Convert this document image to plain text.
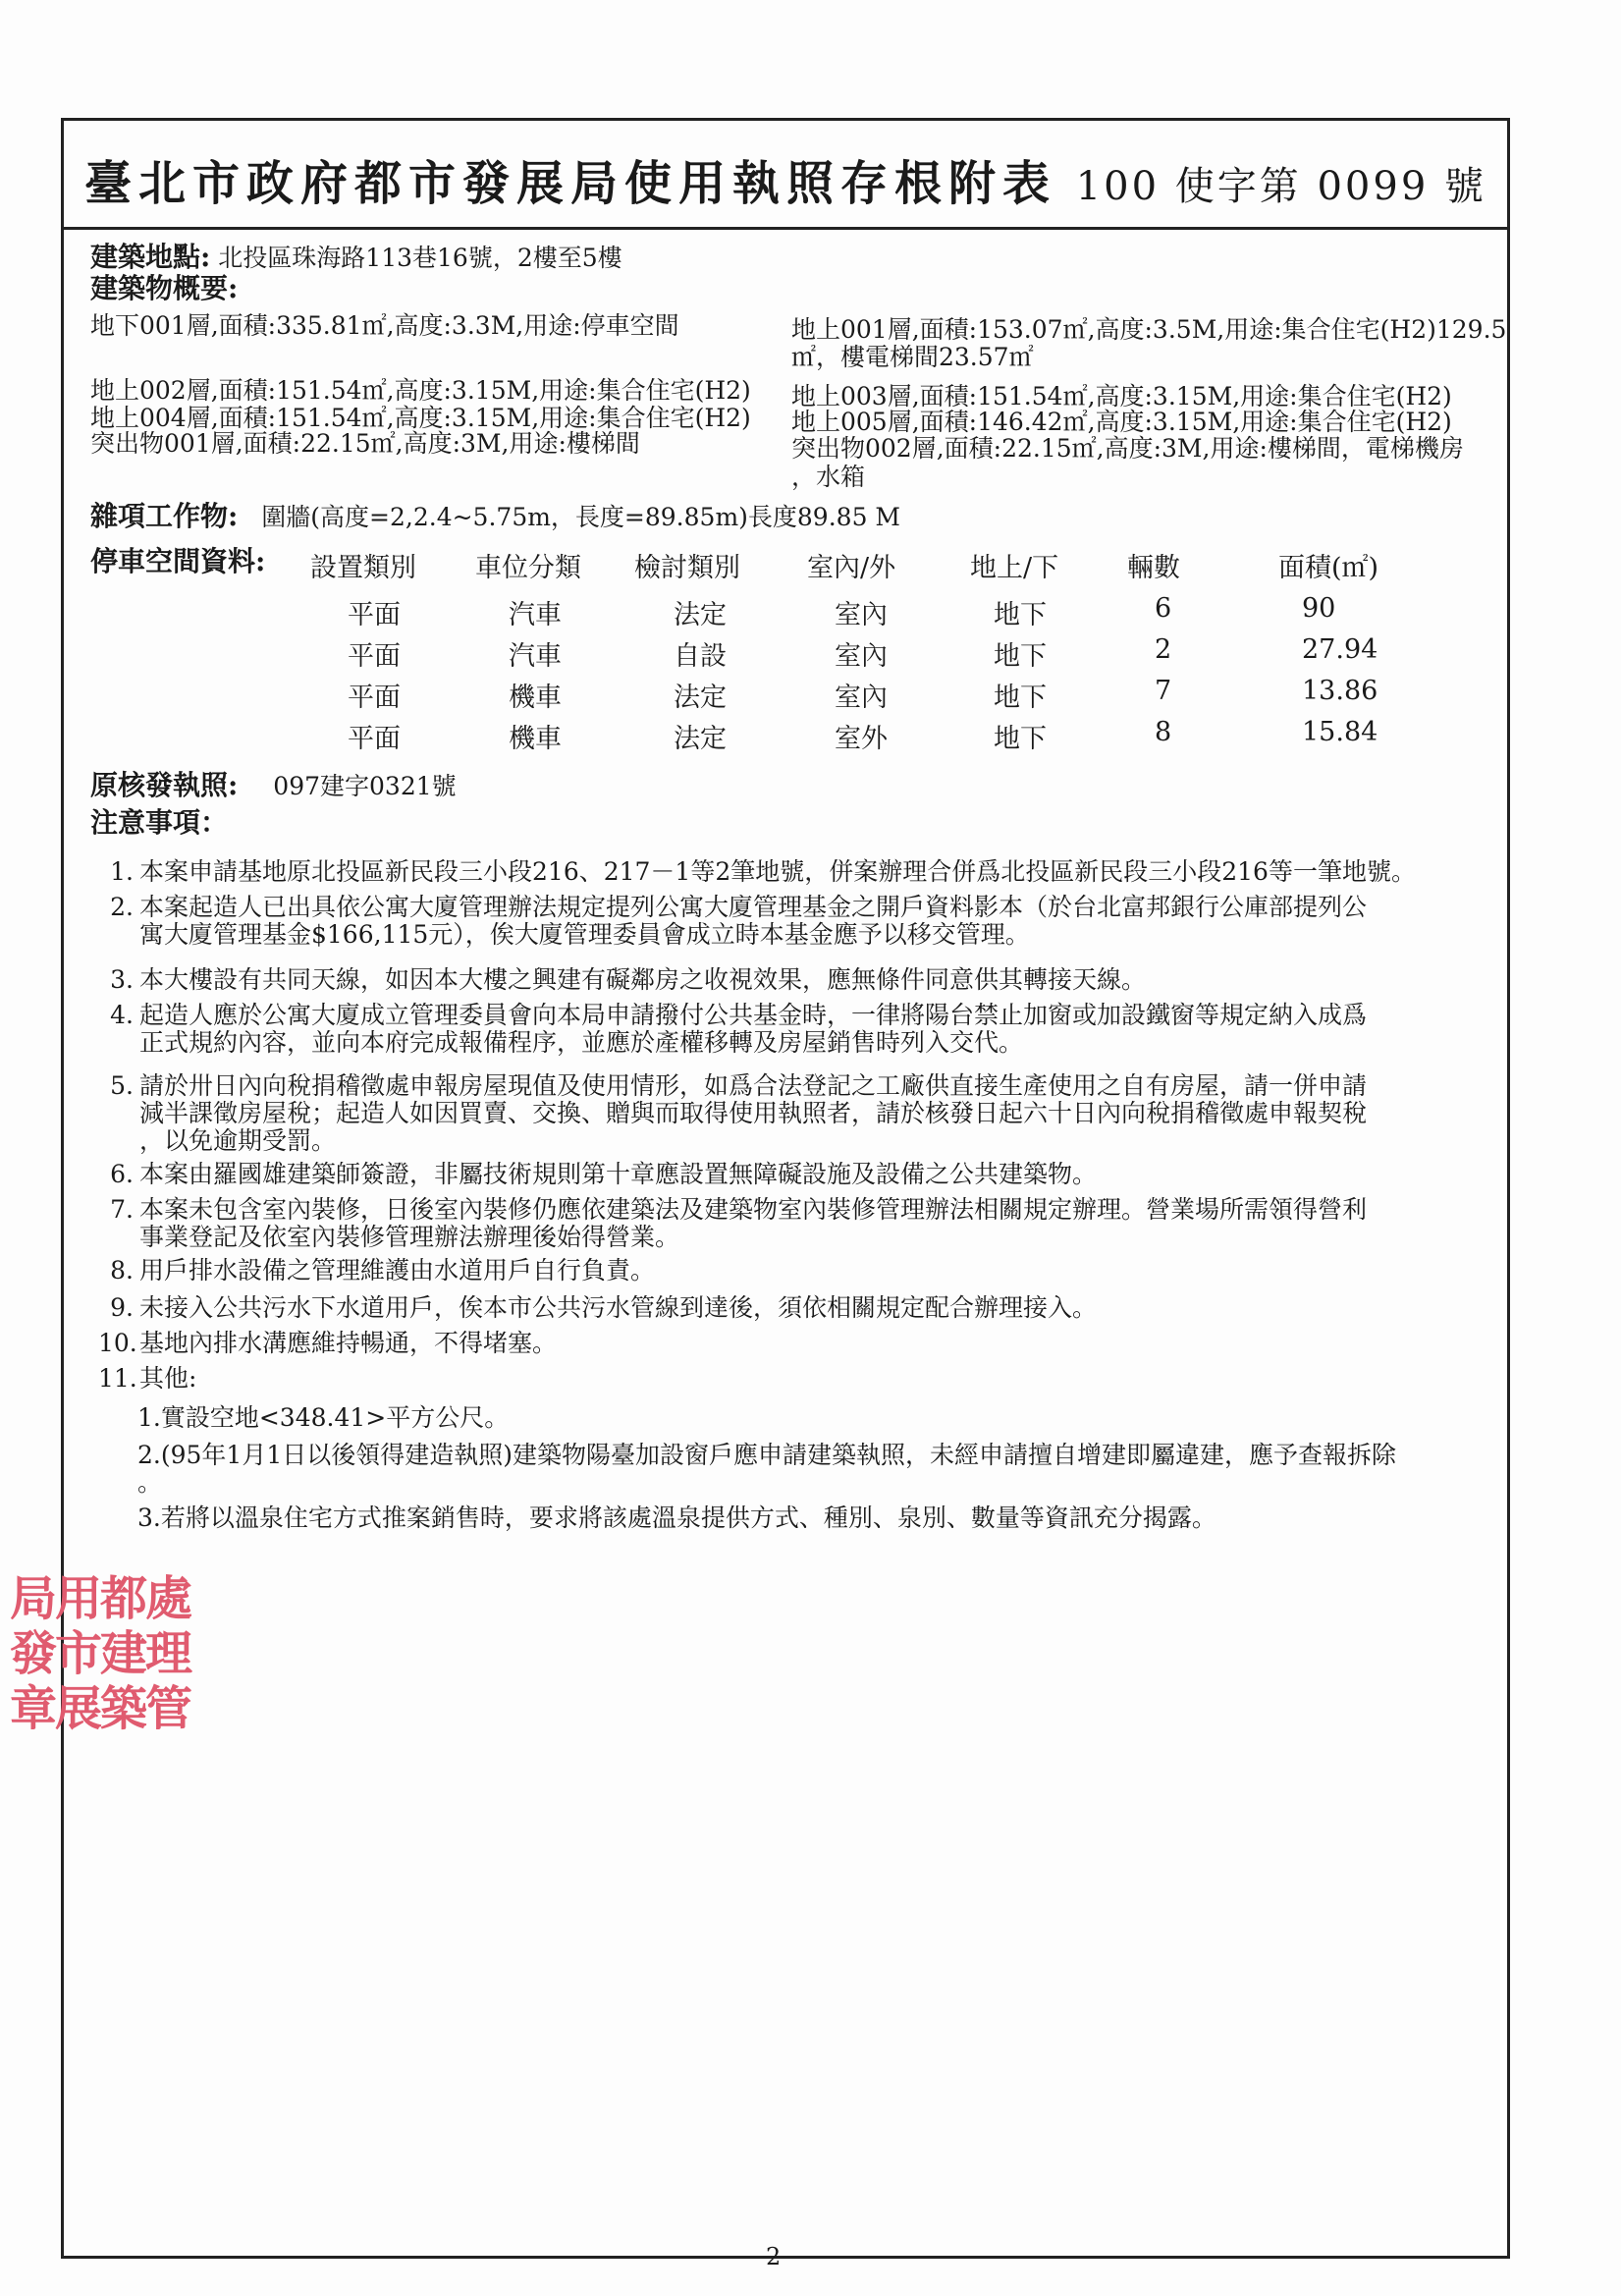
臺北市政府都市發展局使用執照存根附表 100 使字第 0099 號
建築地點: 北投區珠海路113巷16號，2樓至5樓
建築物概要:
地下001層,面積:335.81㎡,高度:3.3M,用途:停車空間
地上002層,面積:151.54㎡,高度:3.15M,用途:集合住宅(H2)
地上004層,面積:151.54㎡,高度:3.15M,用途:集合住宅(H2)
突出物001層,面積:22.15㎡,高度:3M,用途:樓梯間
地上001層,面積:153.07㎡,高度:3.5M,用途:集合住宅(H2)129.5
㎡，樓電梯間23.57㎡
地上003層,面積:151.54㎡,高度:3.15M,用途:集合住宅(H2)
地上005層,面積:146.42㎡,高度:3.15M,用途:集合住宅(H2)
突出物002層,面積:22.15㎡,高度:3M,用途:樓梯間，電梯機房
，水箱
雜項工作物: 圍牆(高度=2,2.4~5.75m，長度=89.85m)長度89.85 M
停車空間資料: 設置類別 車位分類 檢討類別	室內/外	地上/下	輛數	面積(㎡)
平面	汽車	法定	室內	地下	6	90
平面	汽車	自設	室內	地下	2	27.94
平面	機車	法定	室內	地下	7	13.86
平面	機車	法定	室外	地下	8	15.84
原核發執照: 097建字0321號
注意事項：
1. 本案申請基地原北投區新民段三小段216、217－1等2筆地號，併案辦理合併爲北投區新民段三小段216等一筆地號。
2. 本案起造人已出具依公寓大廈管理辦法規定提列公寓大廈管理基金之開戶資料影本（於台北富邦銀行公庫部提列公
寓大廈管理基金$166,115元），俟大廈管理委員會成立時本基金應予以移交管理。
3. 本大樓設有共同天線，如因本大樓之興建有礙鄰房之收視效果，應無條件同意供其轉接天線。
4. 起造人應於公寓大廈成立管理委員會向本局申請撥付公共基金時，一律將陽台禁止加窗或加設鐵窗等規定納入成爲
正式規約內容，並向本府完成報備程序，並應於產權移轉及房屋銷售時列入交代。
5. 請於卅日內向稅捐稽徵處申報房屋現值及使用情形，如爲合法登記之工廠供直接生產使用之自有房屋，請一併申請
減半課徵房屋稅；起造人如因買賣、交換、贈與而取得使用執照者，請於核發日起六十日內向稅捐稽徵處申報契稅
，以免逾期受罰。
6. 本案由羅國雄建築師簽證，非屬技術規則第十章應設置無障礙設施及設備之公共建築物。
7. 本案未包含室內裝修，日後室內裝修仍應依建築法及建築物室內裝修管理辦法相關規定辦理。營業場所需領得營利
事業登記及依室內裝修管理辦法辦理後始得營業。
8. 用戶排水設備之管理維護由水道用戶自行負責。
9. 未接入公共污水下水道用戶，俟本市公共污水管線到達後，須依相關規定配合辦理接入。
10. 基地內排水溝應維持暢通，不得堵塞。
11. 其他:
1.實設空地<348.41>平方公尺。
2.(95年1月1日以後領得建造執照)建築物陽臺加設窗戶應申請建築執照，未經申請擅自增建即屬違建，應予查報拆除
。
3.若將以溫泉住宅方式推案銷售時，要求將該處溫泉提供方式、種別、泉別、數量等資訊充分揭露。
局
用
都
處
發
市
建
理
章
展
築
管
2
